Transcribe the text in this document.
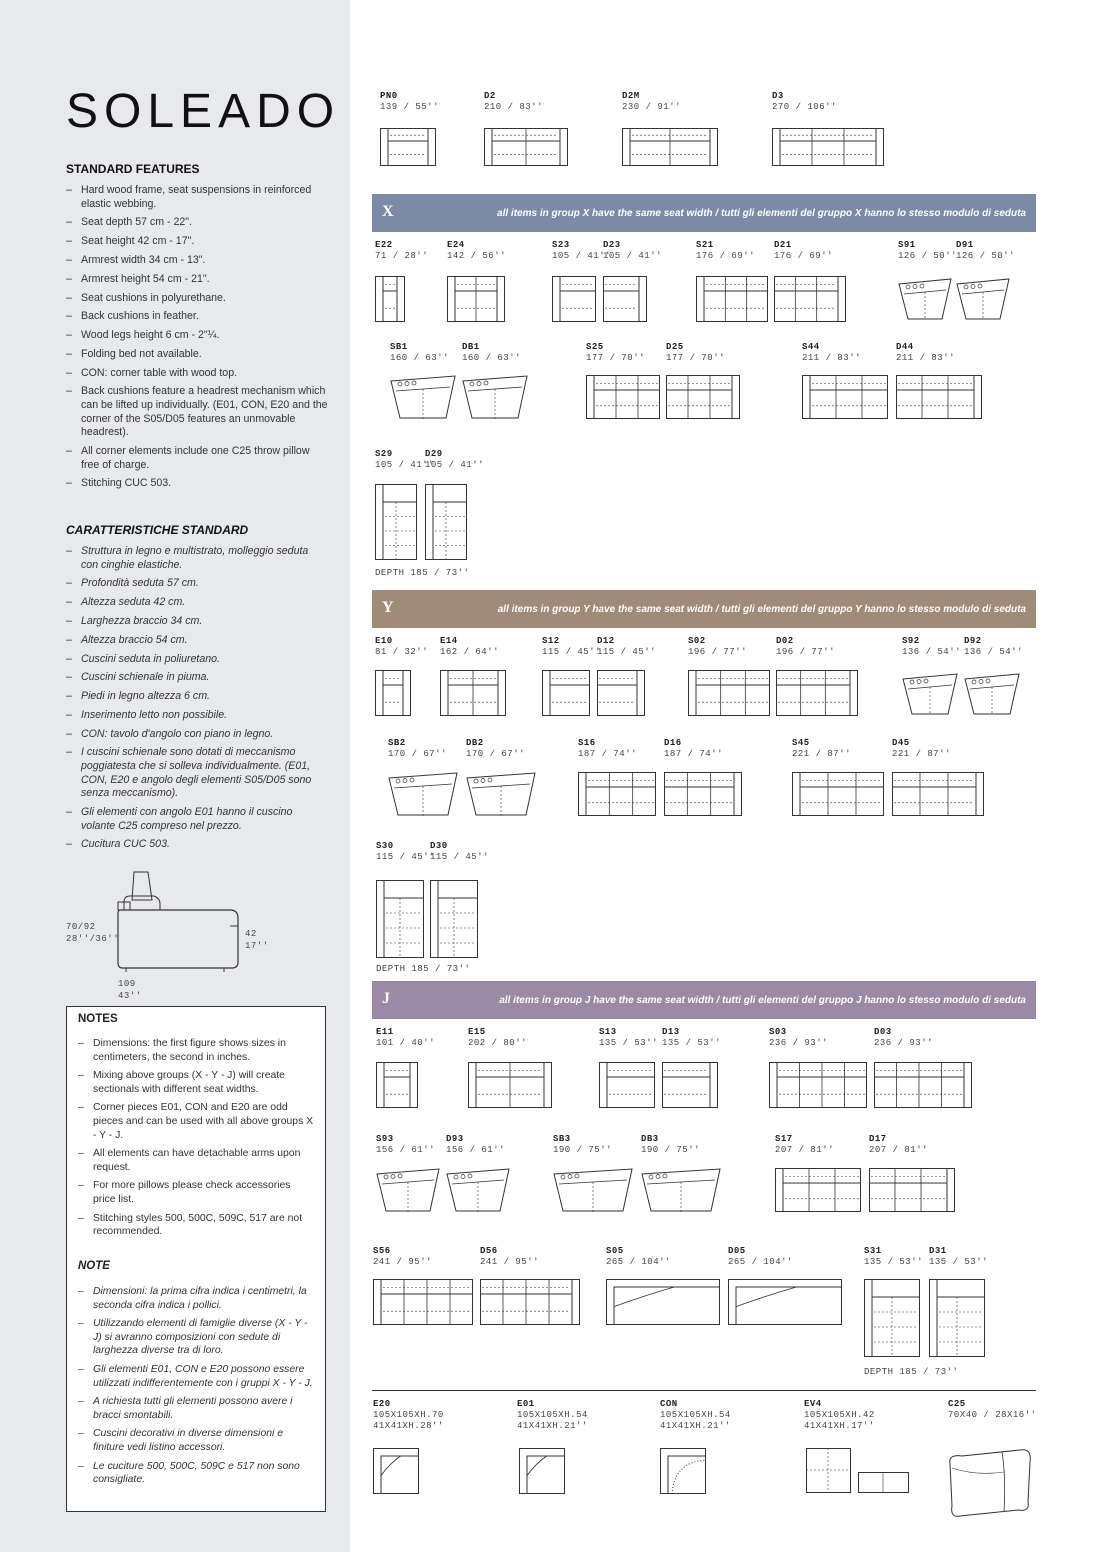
SOLEADO
STANDARD FEATURES
– Hard wood frame, seat suspensions in reinforced elastic webbing.
– Seat depth 57 cm - 22".
– Seat height 42 cm - 17".
– Armrest width 34 cm - 13".
– Armrest height 54 cm - 21".
– Seat cushions in polyurethane.
– Back cushions in feather.
– Wood legs height 6 cm - 2"¼.
– Folding bed not available.
– CON: corner table with wood top.
– Back cushions feature a headrest mechanism which can be lifted up individually. (E01, CON, E20 and the corner of the S05/D05 features an unmovable headrest).
– All corner elements include one C25 throw pillow free of charge.
– Stitching CUC 503.
CARATTERISTICHE STANDARD
– Struttura in legno e multistrato, molleggio seduta con cinghie elastiche.
– Profondità seduta 57 cm.
– Altezza seduta 42 cm.
– Larghezza braccio 34 cm.
– Altezza braccio 54 cm.
– Cuscini seduta in poliuretano.
– Cuscini schienale in piuma.
– Piedi in legno altezza 6 cm.
– Inserimento letto non possibile.
– CON: tavolo d'angolo con piano in legno.
– I cuscini schienale sono dotati di meccanismo poggiatesta che si solleva individualmente. (E01, CON, E20 e angolo degli elementi S05/D05 sono senza meccanismo).
– Gli elementi con angolo E01 hanno il cuscino volante C25 compreso nel prezzo.
– Cucitura CUC 503.
70/92
28''/36''	42
17''
109
43''
NOTES
– Dimensions: the first figure shows sizes in centimeters, the second in inches.
– Mixing above groups (X - Y - J) will create sectionals with different seat widths.
– Corner pieces E01, CON and E20 are odd pieces and can be used with all above groups X - Y - J.
– All elements can have detachable arms upon request.
– For more pillows please check accessories price list.
– Stitching styles 500, 500C, 509C, 517 are not recommended.
NOTE
– Dimensioni: la prima cifra indica i centimetri, la seconda cifra indica i pollici.
– Utilizzando elementi di famiglie diverse (X - Y - J) si avranno composizioni con sedute di larghezza diverse tra di loro.
– Gli elementi E01, CON e E20 possono essere utilizzati indifferentemente con i gruppi X - Y - J.
– A richiesta tutti gli elementi possono avere i bracci smontabili.
– Cuscini decorativi in diverse dimensioni e finiture vedi listino accessori.
– Le cuciture 500, 500C, 509C e 517 non sono consigliate.
PN0
139 / 55''
D2
210 / 83''
D2M
230 / 91''
D3
270 / 106''
X	all items in group X have the same seat width / tutti gli elementi del gruppo X hanno lo stesso modulo di seduta
E22
71 / 28''
E24
142 / 56''
S23
105 / 41''
D23
105 / 41''
S21
176 / 69''
D21
176 / 69''
S91
126 / 50''
D91
126 / 50''
SB1
160 / 63''
DB1
160 / 63''
S25
177 / 70''
D25
177 / 70''
S44
211 / 83''
D44
211 / 83''
S29
105 / 41''
D29
105 / 41''
DEPTH 185 / 73''
Y	all items in group Y have the same seat width / tutti gli elementi del gruppo Y hanno lo stesso modulo di seduta
E10
81 / 32''
E14
162 / 64''
S12
115 / 45''
D12
115 / 45''
S02
196 / 77''
D02
196 / 77''
S92
136 / 54''
D92
136 / 54''
SB2
170 / 67''
DB2
170 / 67''
S16
187 / 74''
D16
187 / 74''
S45
221 / 87''
D45
221 / 87''
S30
115 / 45''
D30
115 / 45''
DEPTH 185 / 73''
J	all items in group J have the same seat width / tutti gli elementi del gruppo J hanno lo stesso modulo di seduta
E11
101 / 40''
E15
202 / 80''
S13
135 / 53''
D13
135 / 53''
S03
236 / 93''
D03
236 / 93''
S93
156 / 61''
D93
156 / 61''
SB3
190 / 75''
DB3
190 / 75''
S17
207 / 81''
D17
207 / 81''
S56
241 / 95''
D56
241 / 95''
S05
265 / 104''
D05
265 / 104''
S31
135 / 53''
D31
135 / 53''
DEPTH 185 / 73''
E20
105X105XH.70
41X41XH.28''
E01
105X105XH.54
41X41XH.21''
CON
105X105XH.54
41X41XH.21''
EV4
105X105XH.42
41X41XH.17''
C25
70X40 / 28X16''
